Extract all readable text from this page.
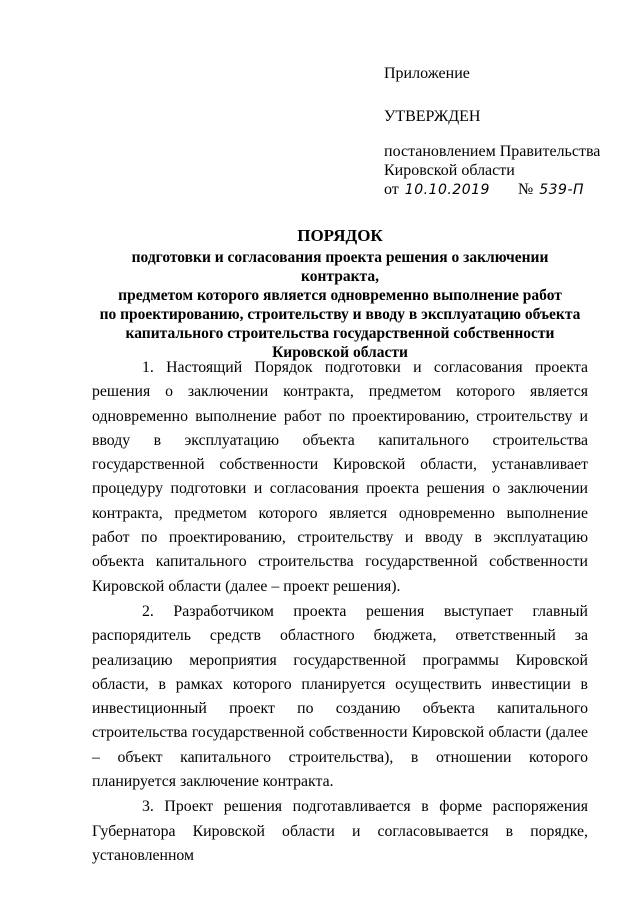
Приложение
УТВЕРЖДЕН
постановлением Правительства
Кировской области
от 10.10.2019 № 539-П
ПОРЯДОК
подготовки и согласования проекта решения о заключении контракта,
предметом которого является одновременно выполнение работ
по проектированию, строительству и вводу в эксплуатацию объекта
капитального строительства государственной собственности
Кировской области

1. Настоящий Порядок подготовки и согласования проекта решения о заключении контракта, предметом которого является одновременно выполнение работ по проектированию, строительству и вводу в эксплуатацию объекта капитального строительства государственной собственности Кировской области, устанавливает процедуру подготовки и согласования проекта решения о заключении контракта, предметом которого является одновременно выполнение работ по проектированию, строительству и вводу в эксплуатацию объекта капитального строительства государственной собственности Кировской области (далее – проект решения).

2. Разработчиком проекта решения выступает главный распорядитель средств областного бюджета, ответственный за реализацию мероприятия государственной программы Кировской области, в рамках которого планируется осуществить инвестиции в инвестиционный проект по созданию объекта капитального строительства государственной собственности Кировской области (далее – объект капитального строительства), в отношении которого планируется заключение контракта.

3. Проект решения подготавливается в форме распоряжения Губернатора Кировской области и согласовывается в порядке, установленном
